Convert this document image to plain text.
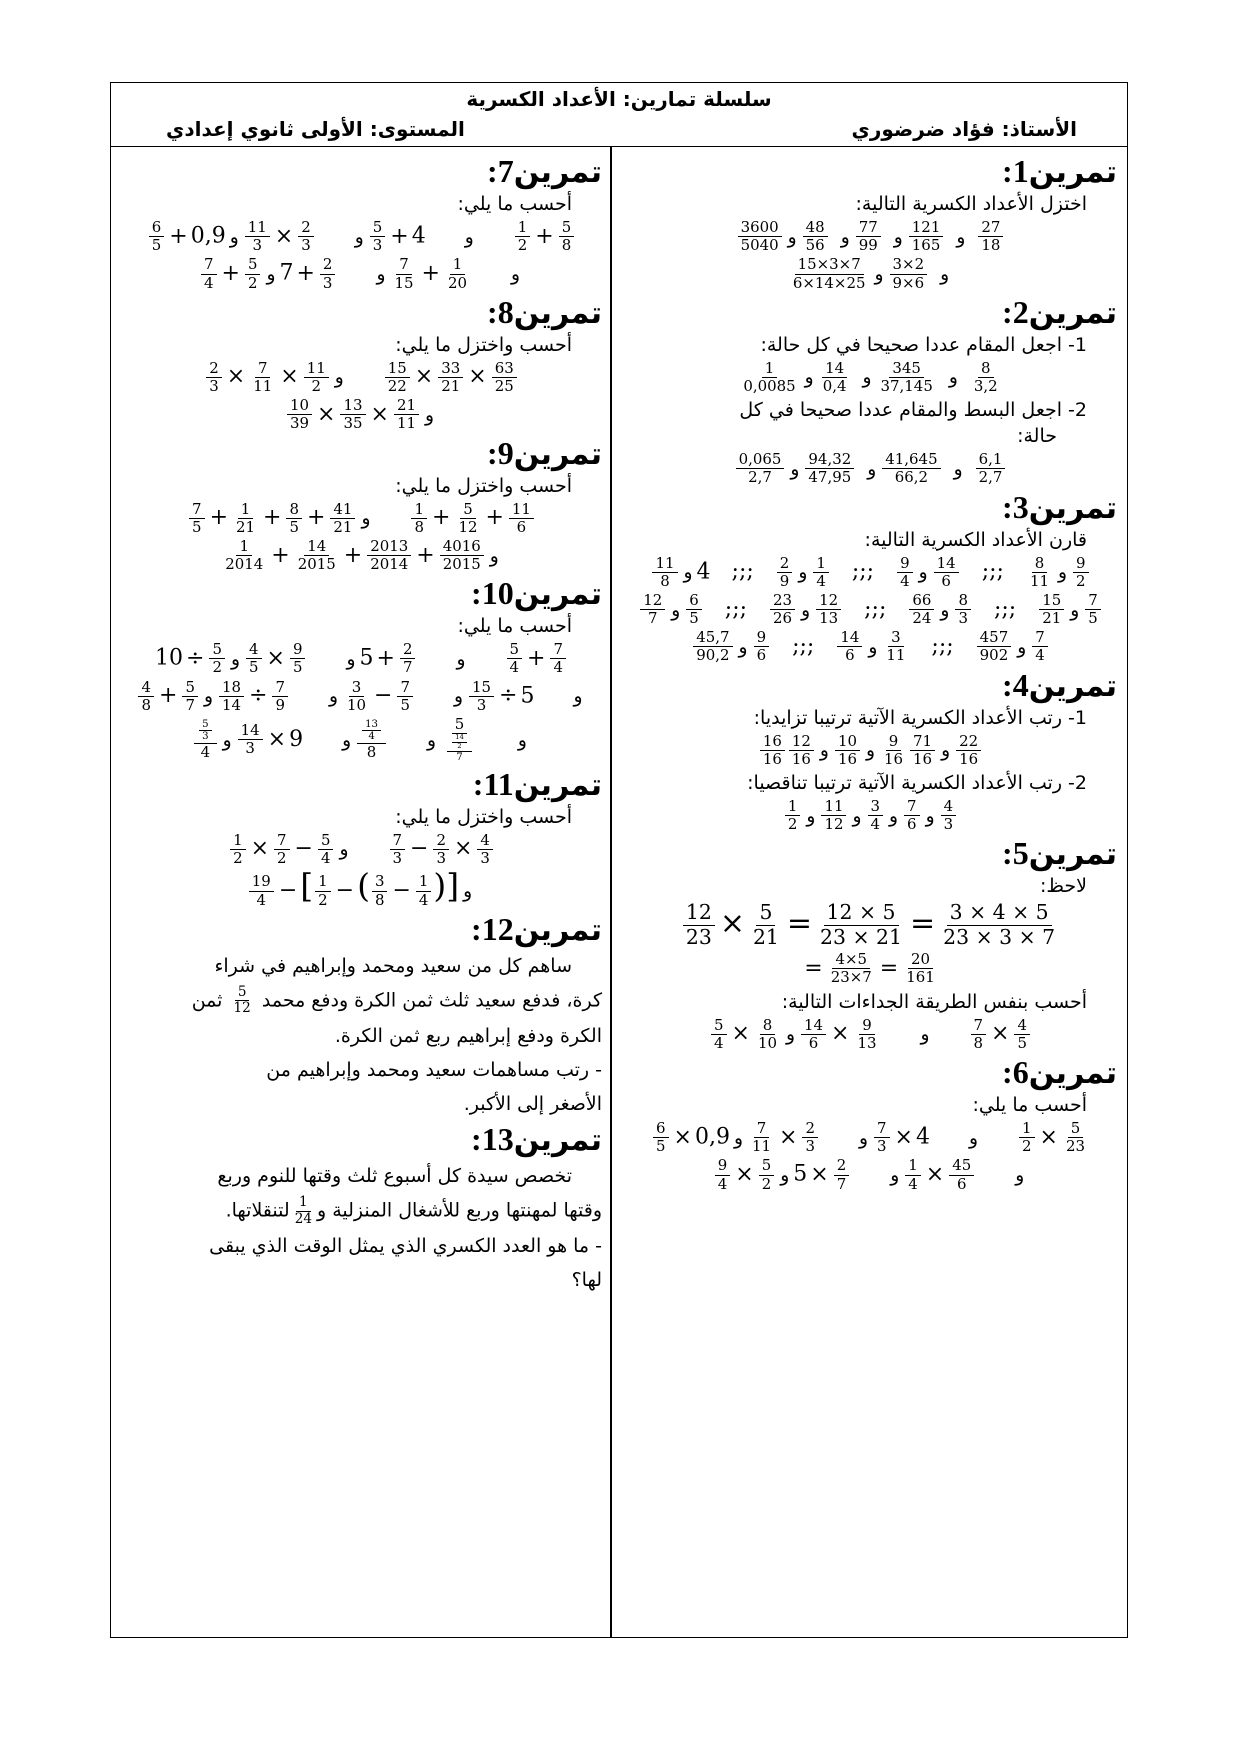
سلسلة تمارين: الأعداد الكسرية
الأستاذ: فؤاد ضرضوري
المستوى: الأولى ثانوي إعدادي
تمرين1:
اختزل الأعداد الكسرية التالية:
$\frac{3600}{5040}$	و
$\frac{121}{165}$
و
$\frac{77}{99}$
و
$\frac{48}{56}$
و	$\frac{27}{18}$
$\frac{15\times 3\times 7}{6\times 14\times 25}$	و
$\frac{3\times 2}{9\times 6}$
و
تمرين2:
1- اجعل المقام عددا صحيحا في كل حالة:
$\frac{1}{0,0085}$	و
$\frac{345}{37,145}$
و
$\frac{14}{0,4}$
و	$\frac{8}{3,2}$
2- اجعل البسط والمقام عددا صحيحا في كل
حالة:
$\frac{0,065}{2,7}$	و
$\frac{41,645}{66,2}$
و
$\frac{94,32}{47,95}$
و	$\frac{6,1}{2,7}$
تمرين3:
قارن الأعداد الكسرية التالية:
$\frac{11}{8}$	و
$\frac{8}{11}$
;;;
$\frac{14}{6}$
و
$\frac{9}{4}$
;;;
$\frac{1}{4}$
و
$\frac{2}{9}$
;;; 4و	$\frac{9}{2}$
$\frac{12}{7}$	و
$\frac{15}{21}$
;;;
$\frac{8}{3}$
و
$\frac{66}{24}$
;;;
$\frac{12}{13}$
و
$\frac{23}{26}$
;;;
$\frac{6}{5}$
و	$\frac{7}{5}$
$\frac{45,7}{90,2}$	و
$\frac{457}{902}$
;;;
$\frac{3}{11}$
و
$\frac{14}{6}$
;;;
$\frac{9}{6}$
و	$\frac{7}{4}$
تمرين4:
1- رتب الأعداد الكسرية الآتية ترتيبا تزايديا:
$\frac{16}{16} \frac{12}{16}$	و
$\frac{71}{16}$
$\frac{9}{16}$
و
$\frac{10}{16}$
و	$\frac{22}{16}$
2- رتب الأعداد الكسرية الآتية ترتيبا تناقصيا:
$\frac{1}{2}$	و
$\frac{7}{6}$
و
$\frac{3}{4}$
و
$\frac{11}{12}$
و	$\frac{4}{3}$
تمرين5:
لاحظ:
$\frac{12}{23} \times \frac{5}{21} = \frac{12 \times 5}{23 \times 21} = \frac{3 \times 4 \times 5}{23 \times 3 \times 7}$
= $\frac{4\times 5}{23\times 7} = \frac{20}{161}$
أحسب بنفس الطريقة الجداءات التالية:
$\frac{5}{4} \times \frac{8}{10}$	و
$\frac{9}{13}$
×
$\frac{14}{6}$
و	$\frac{7}{8} \times \frac{4}{5}$
تمرين6:
أحسب ما يلي:
$\frac{6}{5} \times 0,9$	و 4×
$\frac{7}{3}$
و
$\frac{2}{3}$
×
$\frac{7}{11}$
و	$\frac{1}{2} \times \frac{5}{23}$
$\frac{9}{4} \times \frac{5}{2}$	و
$\frac{45}{6}$
×
$\frac{1}{4}$
و
$\frac{2}{7}$
×5و
تمرين7:
أحسب ما يلي:
$\frac{6}{5} + 0,9$	و 4+
$\frac{5}{3}$
و
$\frac{2}{3}$
×
$\frac{11}{3}$
و	$\frac{1}{2} + \frac{5}{8}$
$\frac{7}{4} + \frac{5}{2}$	و
$\frac{1}{20}$
+
$\frac{7}{15}$
و
$\frac{2}{3}$
+7و
تمرين8:
أحسب واختزل ما يلي:
$\frac{2}{3} \times \frac{7}{11} \times \frac{11}{2}$ و	$\frac{15}{22} \times \frac{33}{21} \times \frac{63}{25}$
$\frac{10}{39} \times \frac{13}{35} \times \frac{21}{11}$ و
تمرين9:
أحسب واختزل ما يلي:
$\frac{7}{5} + \frac{1}{21} + \frac{8}{5} + \frac{41}{21}$ و	$\frac{1}{8} + \frac{5}{12} + \frac{11}{6}$
$\frac{1}{2014} + \frac{14}{2015} + \frac{2013}{2014} + \frac{4016}{2015}$ و
تمرين10:
أحسب ما يلي:
$10 \div \frac{5}{2}$	و
$\frac{2}{7}$
+5و
$\frac{9}{5}$
×
$\frac{4}{5}$
و	$\frac{5}{4} + \frac{7}{4}$
$\frac{4}{8} + \frac{5}{7}$	و 5÷
$\frac{15}{3}$
و
$\frac{7}{5}$
−
$\frac{3}{10}$
و
$\frac{7}{9}$
÷
$\frac{18}{14}$
و
$\frac{\frac{5}{3}}{4}$	و
$\frac{5}{\frac{\frac{14}{2}}{7}}$
و
$\frac{\frac{13}{4}}{8}$
و 9×
$\frac{14}{3}$
و
تمرين11:
أحسب واختزل ما يلي:
$\frac{1}{2} \times \frac{7}{2} - \frac{5}{4}$ و	$\frac{7}{3} - \frac{2}{3} \times \frac{4}{3}$
$\frac{19}{4}$ −[ $\frac{1}{2}$ −( $\frac{3}{8} - \frac{1}{4}$ )] و
تمرين12:
ساهم كل من سعيد ومحمد وإبراهيم في شراء
كرة، فدفع سعيد ثلث ثمن الكرة ودفع محمد
$\frac{5}{12}$
ثمن
الكرة ودفع إبراهيم ربع ثمن الكرة.
- رتب مساهمات سعيد ومحمد وإبراهيم من
الأصغر إلى الأكبر.
تمرين13:
تخصص سيدة كل أسبوع ثلث وقتها للنوم وربع
وقتها لمهنتها وربع للأشغال المنزلية و
$\frac{1}{24}$
لتنقلاتها.
- ما هو العدد الكسري الذي يمثل الوقت الذي يبقى
لها؟
